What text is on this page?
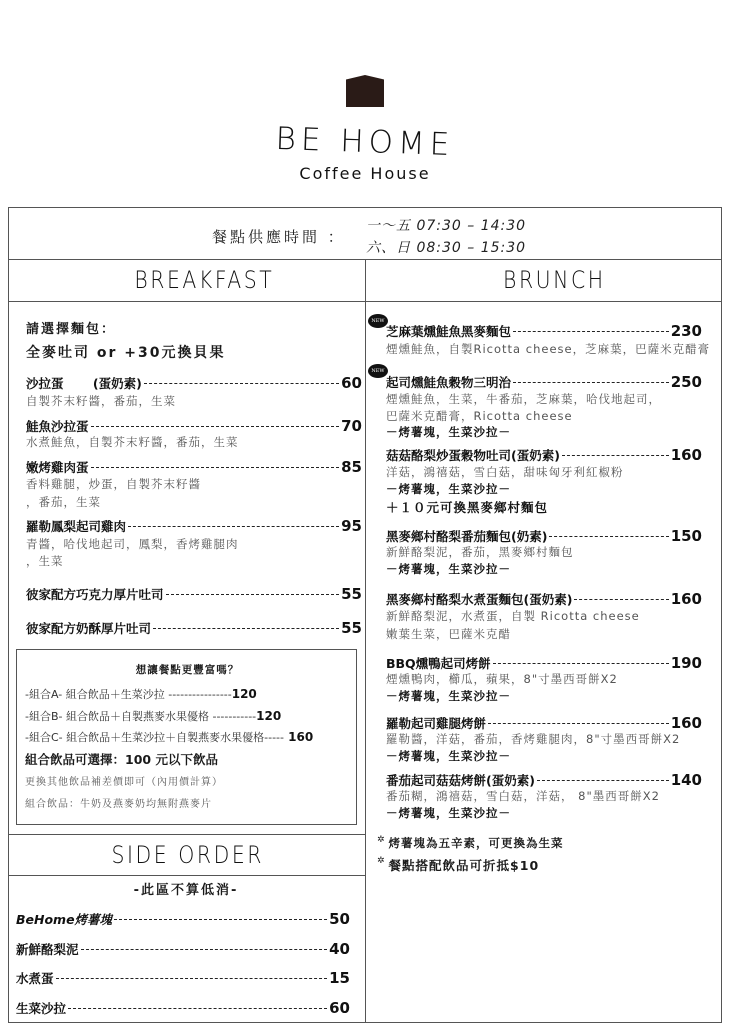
BE HOME
Coffee House
餐點供應時間 ：
一～五 07:30 – 14:30
六、日 08:30 – 15:30
BREAKFAST	BRUNCH
SIDE ORDER
請選擇麵包：
全麥吐司 or +30元換貝果
沙拉蛋　　 (蛋奶素)	60
自製芥末籽醬，番茄，生菜
鮭魚沙拉蛋	70
水煮鮭魚，自製芥末籽醬，番茄，生菜
嫩烤雞肉蛋	85
香料雞腿，炒蛋，自製芥末籽醬
，番茄，生菜
羅勒鳳梨起司雞肉	95
青醬，哈伐地起司，鳳梨，香烤雞腿肉
，生菜
彼家配方巧克力厚片吐司	55
彼家配方奶酥厚片吐司	55
想讓餐點更豐富嗎？
-組合A- 組合飲品＋生菜沙拉 ----------------120
-組合B- 組合飲品＋自製燕麥水果優格 -----------120
-組合C- 組合飲品＋生菜沙拉＋自製燕麥水果優格----- 160
組合飲品可選擇：100 元以下飲品
更換其他飲品補差價即可（內用價計算）
組合飲品：牛奶及燕麥奶均無附燕麥片
-此區不算低消-
BeHome烤薯塊	50
新鮮酪梨泥	40
水煮蛋	15
生菜沙拉	60
NEW
芝麻葉燻鮭魚黑麥麵包	230
煙燻鮭魚，自製Ricotta cheese，芝麻葉，巴薩米克醋膏
NEW
起司燻鮭魚穀物三明治	250
煙燻鮭魚，生菜，牛番茄，芝麻葉，哈伐地起司，
巴薩米克醋膏，Ricotta cheese
－烤薯塊，生菜沙拉－
菇菇酪梨炒蛋穀物吐司(蛋奶素)	160
洋菇，鴻禧菇，雪白菇，甜味匈牙利紅椒粉
－烤薯塊，生菜沙拉－
＋１０元可換黑麥鄉村麵包
黑麥鄉村酪梨番茄麵包(奶素)	150
新鮮酪梨泥，番茄，黑麥鄉村麵包
－烤薯塊，生菜沙拉－
黑麥鄉村酪梨水煮蛋麵包(蛋奶素)	160
新鮮酪梨泥，水煮蛋，自製 Ricotta cheese
嫩葉生菜，巴薩米克醋
BBQ燻鴨起司烤餅	190
煙燻鴨肉，櫛瓜，蘋果，8"寸墨西哥餅X2
－烤薯塊，生菜沙拉－
羅勒起司雞腿烤餅	160
羅勒醬，洋菇，番茄，香烤雞腿肉，8"寸墨西哥餅X2
－烤薯塊，生菜沙拉－
番茄起司菇菇烤餅(蛋奶素)	140
番茄糊，鴻禧菇，雪白菇，洋菇， 8"墨西哥餅X2
－烤薯塊，生菜沙拉－
✲ 烤薯塊為五辛素，可更換為生菜
✲ 餐點搭配飲品可折抵$10
